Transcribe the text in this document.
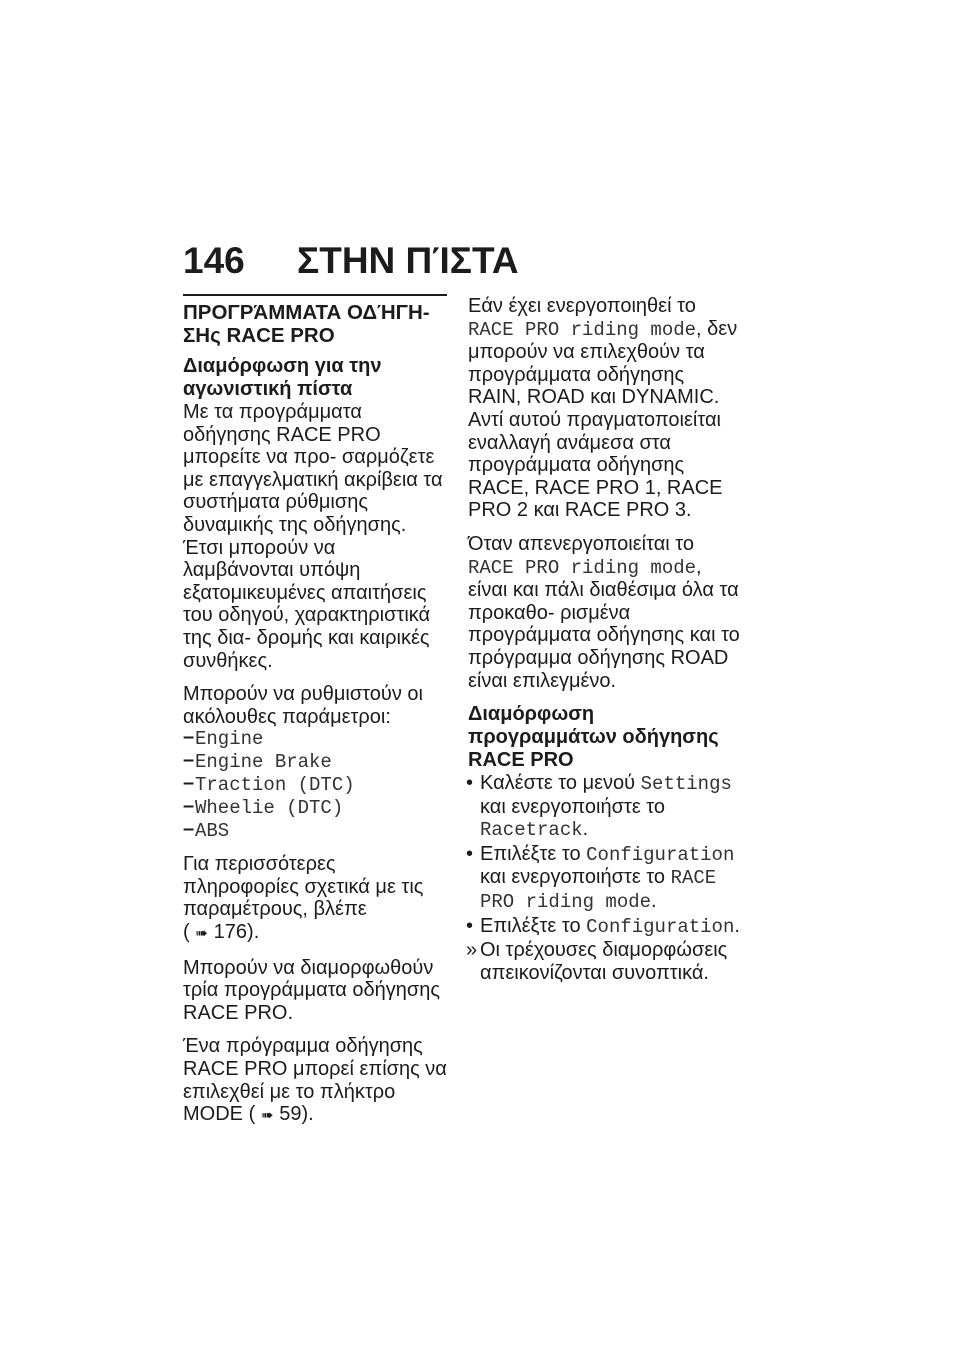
146 ΣΤΗΝ ΠΊΣΤΑ
ΠΡΟΓΡΆΜΜΑΤΑ ΟΔΉΓΗ- ΣΗς RACE PRO
Διαμόρφωση για την αγωνιστική πίστα

Με τα προγράμματα οδήγησης RACE PRO μπορείτε να προ- σαρμόζετε με επαγγελματική ακρίβεια τα συστήματα ρύθμισης δυναμικής της οδήγησης. Έτσι μπορούν να λαμβάνονται υπόψη εξατομικευμένες απαιτήσεις του οδηγού, χαρακτηριστικά της δια- δρομής και καιρικές συνθήκες.

Μπορούν να ρυθμιστούν οι ακόλουθες παράμετροι:

– Engine
– Engine Brake
– Traction (DTC)
– Wheelie (DTC)
– ABS

Για περισσότερες πληροφορίες σχετικά με τις παραμέτρους, βλέπε ( ➠ 176).

Μπορούν να διαμορφωθούν τρία προγράμματα οδήγησης RACE PRO.

Ένα πρόγραμμα οδήγησης RACE PRO μπορεί επίσης να επιλεχθεί με το πλήκτρο MODE ( ➠ 59).

Εάν έχει ενεργοποιηθεί το RACE PRO riding mode, δεν μπορούν να επιλεχθούν τα προγράμματα οδήγησης RAIN, ROAD και DYNAMIC. Αντί αυτού πραγματοποιείται εναλλαγή ανάμεσα στα προγράμματα οδήγησης RACE, RACE PRO 1, RACE PRO 2 και RACE PRO 3.

Όταν απενεργοποιείται το RACE PRO riding mode, είναι και πάλι διαθέσιμα όλα τα προκαθο- ρισμένα προγράμματα οδήγησης και το πρόγραμμα οδήγησης ROAD είναι επιλεγμένο.

Διαμόρφωση προγραμμάτων οδήγησης RACE PRO
• Καλέστε το μενού Settings και ενεργοποιήστε το Racetrack.
• Επιλέξτε το Configuration και ενεργοποιήστε το RACE PRO riding mode.
• Επιλέξτε το Configuration.
» Οι τρέχουσες διαμορφώσεις απεικονίζονται συνοπτικά.
